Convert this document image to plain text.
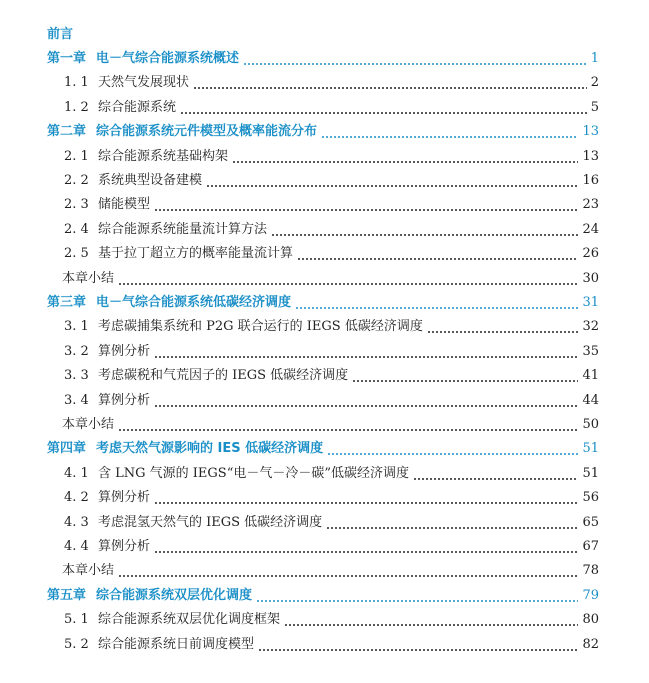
前言
第一章 电－气综合能源系统概述	1
1. 1 天然气发展现状	2
1. 2 综合能源系统	5
第二章 综合能源系统元件模型及概率能流分布	13
2. 1 综合能源系统基础构架	13
2. 2 系统典型设备建模	16
2. 3 储能模型	23
2. 4 综合能源系统能量流计算方法	24
2. 5 基于拉丁超立方的概率能量流计算	26
本章小结	30
第三章 电－气综合能源系统低碳经济调度	31
3. 1 考虑碳捕集系统和 P2G 联合运行的 IEGS 低碳经济调度	32
3. 2 算例分析	35
3. 3 考虑碳税和气荒因子的 IEGS 低碳经济调度	41
3. 4 算例分析	44
本章小结	50
第四章 考虑天然气源影响的 IES 低碳经济调度	51
4. 1 含 LNG 气源的 IEGS“电－气－冷－碳”低碳经济调度	51
4. 2 算例分析	56
4. 3 考虑混氢天然气的 IEGS 低碳经济调度	65
4. 4 算例分析	67
本章小结	78
第五章 综合能源系统双层优化调度	79
5. 1 综合能源系统双层优化调度框架	80
5. 2 综合能源系统日前调度模型	82
